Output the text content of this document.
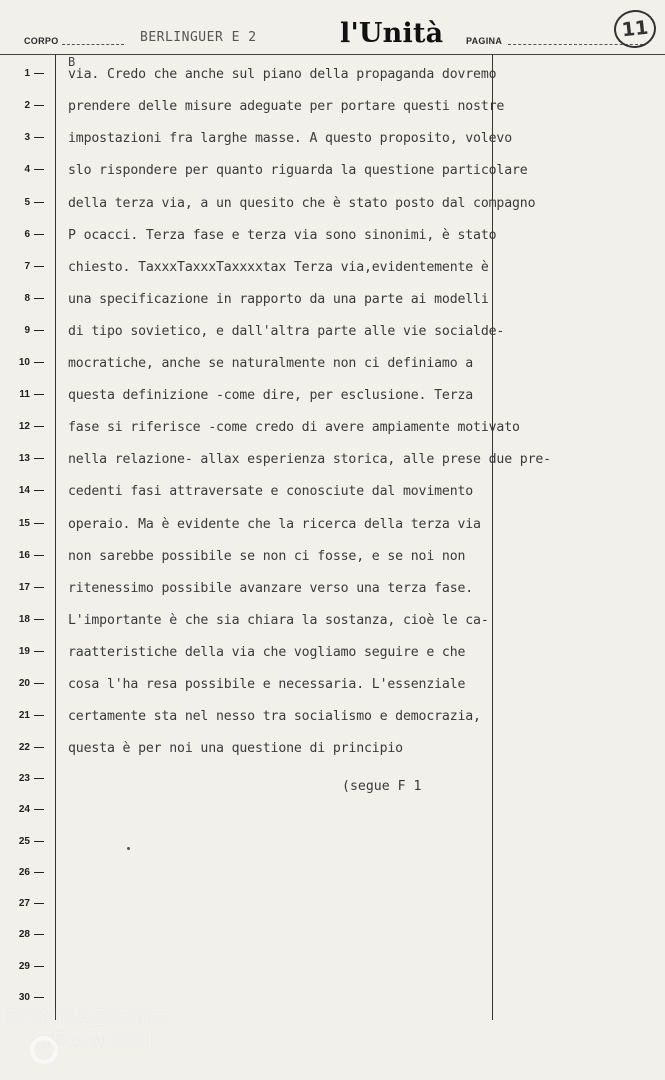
CORPO	BERLINGUER E 2	l'Unità	PAGINA	11
B
1 —
2 —
3 —
4 —
5 —
6 —
7 —
8 —
9 —
10 —
11 —
12 —
13 —
14 —
15 —
16 —
17 —
18 —
19 —
20 —
21 —
22 —
23 —
24 —
25 —
26 —
27 —
28 —
29 —
30 —
via. Credo che anche sul piano della propaganda dovremo
prendere delle misure adeguate per portare questi nostre
impostazioni fra larghe masse. A questo proposito, volevo
slo rispondere per quanto riguarda la questione particolare
della terza via, a un quesito che è stato posto dal compagno
P ocacci. Terza fase e terza via sono sinonimi, è stato
chiesto. TaxxxTaxxxTaxxxxtax Terza via,evidentemente è
una specificazione in rapporto da una parte ai modelli
di tipo sovietico, e dall'altra parte alle vie socialde-
mocratiche, anche se naturalmente non ci definiamo a
questa definizione -come dire, per esclusione. Terza
fase si riferisce -come credo di avere ampiamente motivato
nella relazione- allax esperienza storica, alle prese due pre-
cedenti fasi attraversate e conosciute dal movimento
operaio. Ma è evidente che la ricerca della terza via
non sarebbe possibile se non ci fosse, e se noi non
ritenessimo possibile avanzare verso una terza fase.
L'importante è che sia chiara la sostanza, cioè le ca-
raatteristiche della via che vogliamo seguire e che
cosa l'ha resa possibile e necessaria. L'essenziale
certamente sta nel nesso tra socialismo e democrazia,
questa è per noi una questione di principio
(segue F 1
FONDAZIONE
GRAMSCI
